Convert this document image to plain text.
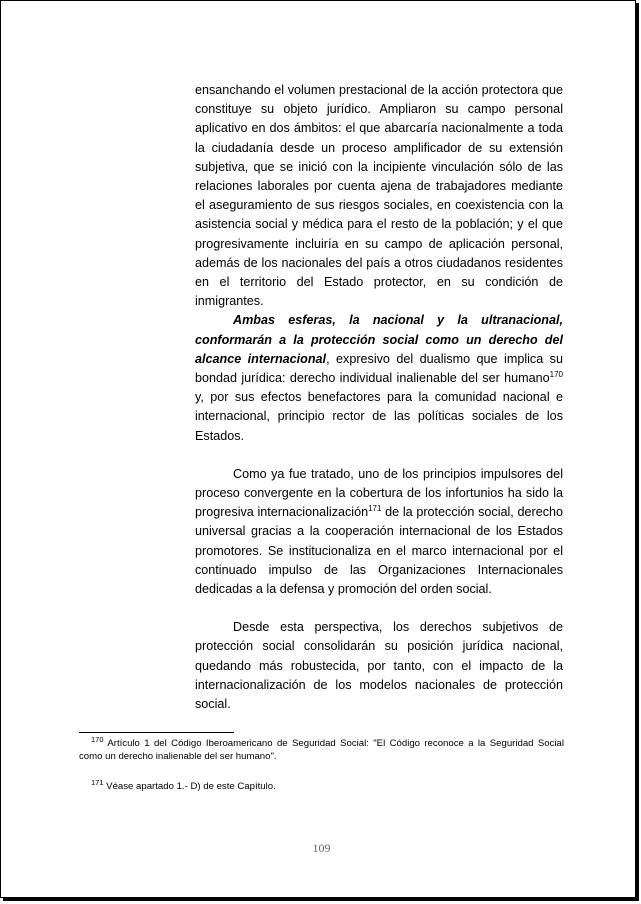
ensanchando el volumen prestacional de la acción protectora que constituye su objeto jurídico. Ampliaron su campo personal aplicativo en dos ámbitos: el que abarcaría nacionalmente a toda la ciudadanía desde un proceso amplificador de su extensión subjetiva, que se inició con la incipiente vinculación sólo de las relaciones laborales por cuenta ajena de trabajadores mediante el aseguramiento de sus riesgos sociales, en coexistencia con la asistencia social y médica para el resto de la población; y el que progresivamente incluiría en su campo de aplicación personal, además de los nacionales del país a otros ciudadanos residentes en el territorio del Estado protector, en su condición de inmigrantes.

Ambas esferas, la nacional y la ultranacional, conformarán a la protección social como un derecho del alcance internacional, expresivo del dualismo que implica su bondad jurídica: derecho individual inalienable del ser humano$^{170}$ y, por sus efectos benefactores para la comunidad nacional e internacional, principio rector de las políticas sociales de los Estados.

Como ya fue tratado, uno de los principios impulsores del proceso convergente en la cobertura de los infortunios ha sido la progresiva internacionalización$^{171}$ de la protección social, derecho universal gracias a la cooperación internacional de los Estados promotores. Se institucionaliza en el marco internacional por el continuado impulso de las Organizaciones Internacionales dedicadas a la defensa y promoción del orden social.

Desde esta perspectiva, los derechos subjetivos de protección social consolidarán su posición jurídica nacional, quedando más robustecida, por tanto, con el impacto de la internacionalización de los modelos nacionales de protección social.

$^{170}$ Artículo 1 del Código Iberoamericano de Seguridad Social: "El Código reconoce a la Seguridad Social como un derecho inalienable del ser humano".

$^{171}$ Véase apartado 1.- D) de este Capítulo.

109
